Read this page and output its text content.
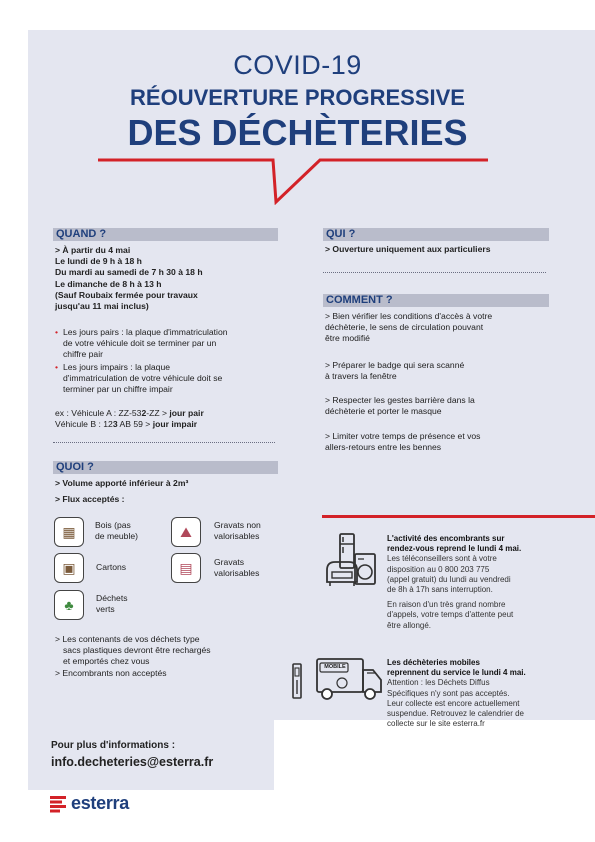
COVID-19
RÉOUVERTURE PROGRESSIVE
DES DÉCHÈTERIES
QUAND ?
> À partir du 4 mai
Le lundi de 9 h à 18 h
Du mardi au samedi de 7 h 30 à 18 h
Le dimanche de 8 h à 13 h
(Sauf Roubaix fermée pour travaux
jusqu'au 11 mai inclus)
• Les jours pairs : la plaque d'immatriculation
de votre véhicule doit se terminer par un
chiffre pair
• Les jours impairs : la plaque
d'immatriculation de votre véhicule doit se
terminer par un chiffre impair
ex : Véhicule A : ZZ-532-ZZ > jour pair
Véhicule B : 123 AB 59 > jour impair
QUOI ?
> Volume apporté inférieur à 2m³
> Flux acceptés :
▦	Bois (pas
de meuble)	⛰	Gravats non
valorisables
▣	Cartons	▤	Gravats
valorisables
♣	Déchets
verts
> Les contenants de vos déchets type
sacs plastiques devront être rechargés
et emportés chez vous
> Encombrants non acceptés
QUI ?
> Ouverture uniquement aux particuliers
COMMENT ?
> Bien vérifier les conditions d'accès à votre
déchèterie, le sens de circulation pouvant
être modifié
> Préparer le badge qui sera scanné
à travers la fenêtre
> Respecter les gestes barrière dans la
déchèterie et porter le masque
> Limiter votre temps de présence et vos
allers-retours entre les bennes
L'activité des encombrants sur
rendez-vous reprend le lundi 4 mai.
Les téléconseillers sont à votre
disposition au 0 800 203 775
(appel gratuit) du lundi au vendredi
de 8h à 17h sans interruption.
En raison d'un très grand nombre
d'appels, votre temps d'attente peut
être allongé.
MOBILE	Les déchèteries mobiles
reprennent du service le lundi 4 mai.
Attention : les Déchets Diffus
Spécifiques n'y sont pas acceptés.
Leur collecte est encore actuellement
suspendue. Retrouvez le calendrier de
collecte sur le site esterra.fr
Pour plus d'informations :
info.decheteries@esterra.fr
esterra
